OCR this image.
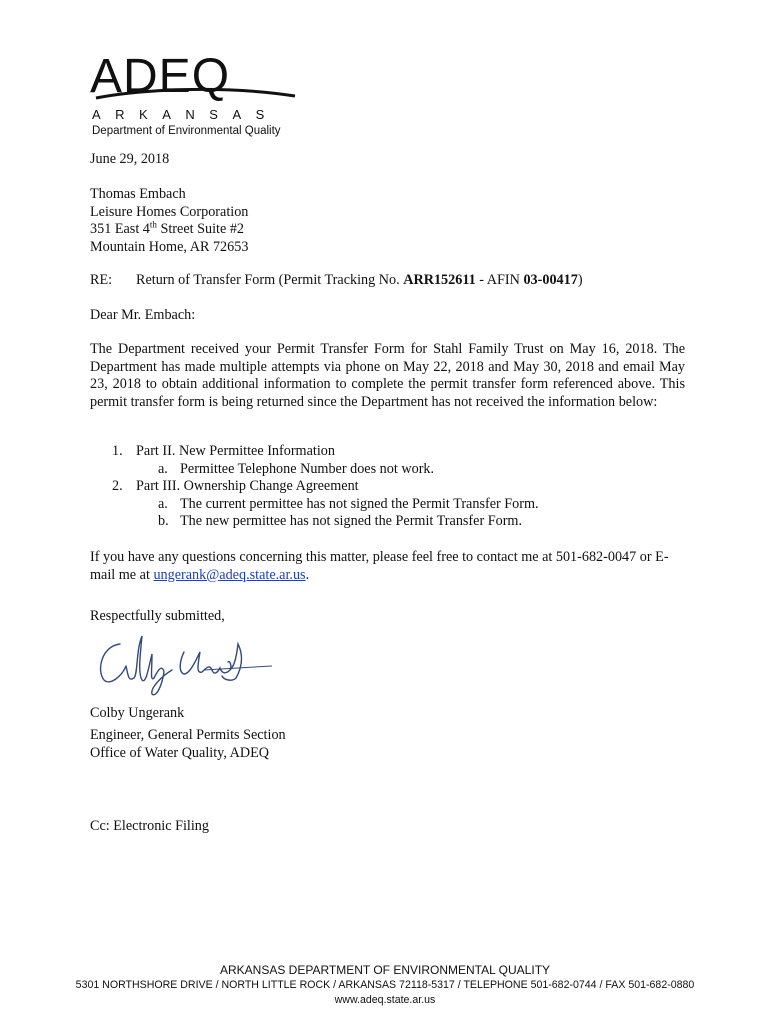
ADEQ
ARKANSAS
Department of Environmental Quality
June 29, 2018
Thomas Embach
Leisure Homes Corporation
351 East 4th Street Suite #2
Mountain Home, AR 72653
RE: Return of Transfer Form (Permit Tracking No. ARR152611 - AFIN 03-00417)
Dear Mr. Embach:
The Department received your Permit Transfer Form for Stahl Family Trust on May 16, 2018. The Department has made multiple attempts via phone on May 22, 2018 and May 30, 2018 and email May 23, 2018 to obtain additional information to complete the permit transfer form referenced above. This permit transfer form is being returned since the Department has not received the information below:
1. Part II. New Permittee Information
a. Permittee Telephone Number does not work.
2. Part III. Ownership Change Agreement
a. The current permittee has not signed the Permit Transfer Form.
b. The new permittee has not signed the Permit Transfer Form.
If you have any questions concerning this matter, please feel free to contact me at 501-682-0047 or E-mail me at ungerank@adeq.state.ar.us.
Respectfully submitted,
Colby Ungerank
Engineer, General Permits Section
Office of Water Quality, ADEQ
Cc: Electronic Filing
ARKANSAS DEPARTMENT OF ENVIRONMENTAL QUALITY
5301 NORTHSHORE DRIVE / NORTH LITTLE ROCK / ARKANSAS 72118-5317 / TELEPHONE 501-682-0744 / FAX 501-682-0880
www.adeq.state.ar.us
